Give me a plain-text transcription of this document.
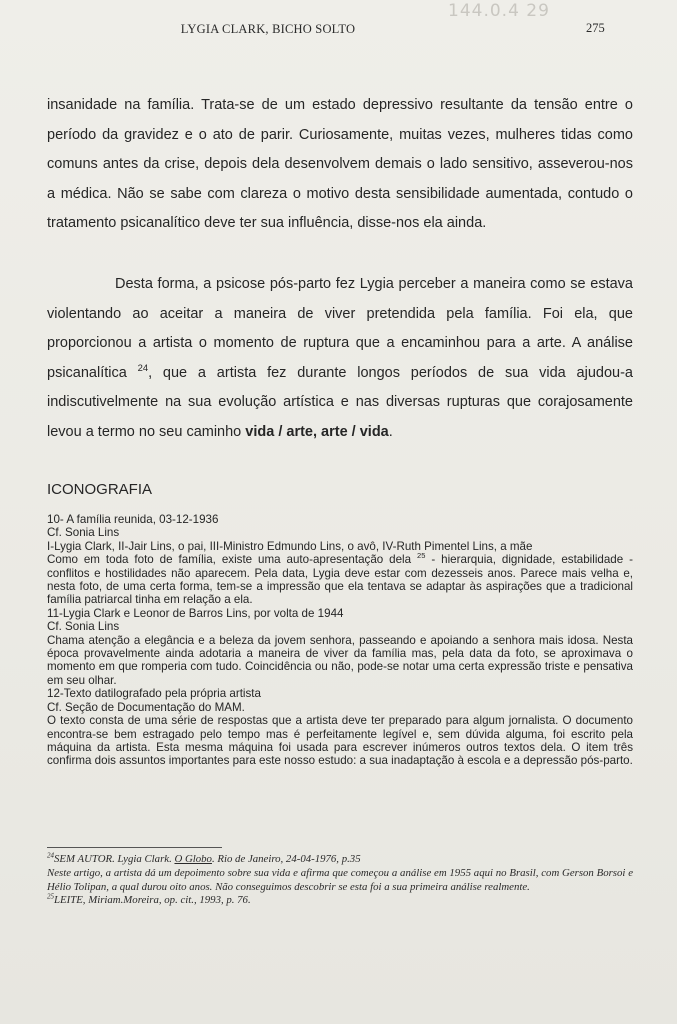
144.0.4 29
LYGIA CLARK, BICHO SOLTO	275

insanidade na família. Trata-se de um estado depressivo resultante da tensão entre o período da gravidez e o ato de parir. Curiosamente, muitas vezes, mulheres tidas como comuns antes da crise, depois dela desenvolvem demais o lado sensitivo, asseverou-nos a médica. Não se sabe com clareza o motivo desta sensibilidade aumentada, contudo o tratamento psicanalítico deve ter sua influência, disse-nos ela ainda.

Desta forma, a psicose pós-parto fez Lygia perceber a maneira como se estava violentando ao aceitar a maneira de viver pretendida pela família. Foi ela, que proporcionou a artista o momento de ruptura que a encaminhou para a arte. A análise psicanalítica $^{24}$, que a artista fez durante longos períodos de sua vida ajudou-a indiscutivelmente na sua evolução artística e nas diversas rupturas que corajosamente levou a termo no seu caminho vida / arte, arte / vida.

ICONOGRAFIA
10- A família reunida, 03-12-1936
Cf. Sonia Lins
I-Lygia Clark, II-Jair Lins, o pai, III-Ministro Edmundo Lins, o avô, IV-Ruth Pimentel Lins, a mãe
Como em toda foto de família, existe uma auto-apresentação dela $^{25}$ - hierarquia, dignidade, estabilidade - conflitos e hostilidades não aparecem. Pela data, Lygia deve estar com dezesseis anos. Parece mais velha e, nesta foto, de uma certa forma, tem-se a impressão que ela tentava se adaptar às aspirações que a tradicional família patriarcal tinha em relação a ela.
11-Lygia Clark e Leonor de Barros Lins, por volta de 1944
Cf. Sonia Lins
Chama atenção a elegância e a beleza da jovem senhora, passeando e apoiando a senhora mais idosa. Nesta época provavelmente ainda adotaria a maneira de viver da família mas, pela data da foto, se aproximava o momento em que romperia com tudo. Coincidência ou não, pode-se notar uma certa expressão triste e pensativa em seu olhar.
12-Texto datilografado pela própria artista
Cf. Seção de Documentação do MAM.
O texto consta de uma série de respostas que a artista deve ter preparado para algum jornalista. O documento encontra-se bem estragado pelo tempo mas é perfeitamente legível e, sem dúvida alguma, foi escrito pela máquina da artista. Esta mesma máquina foi usada para escrever inúmeros outros textos dela. O item três confirma dois assuntos importantes para este nosso estudo: a sua inadaptação à escola e a depressão pós-parto.
$^{24}$SEM AUTOR. Lygia Clark. O Globo. Rio de Janeiro, 24-04-1976, p.35
Neste artigo, a artista dá um depoimento sobre sua vida e afirma que começou a análise em 1955 aqui no Brasil, com Gerson Borsoi e Hélio Tolipan, a qual durou oito anos. Não conseguimos descobrir se esta foi a sua primeira análise realmente.
$^{25}$LEITE, Miriam.Moreira, op. cit., 1993, p. 76.
